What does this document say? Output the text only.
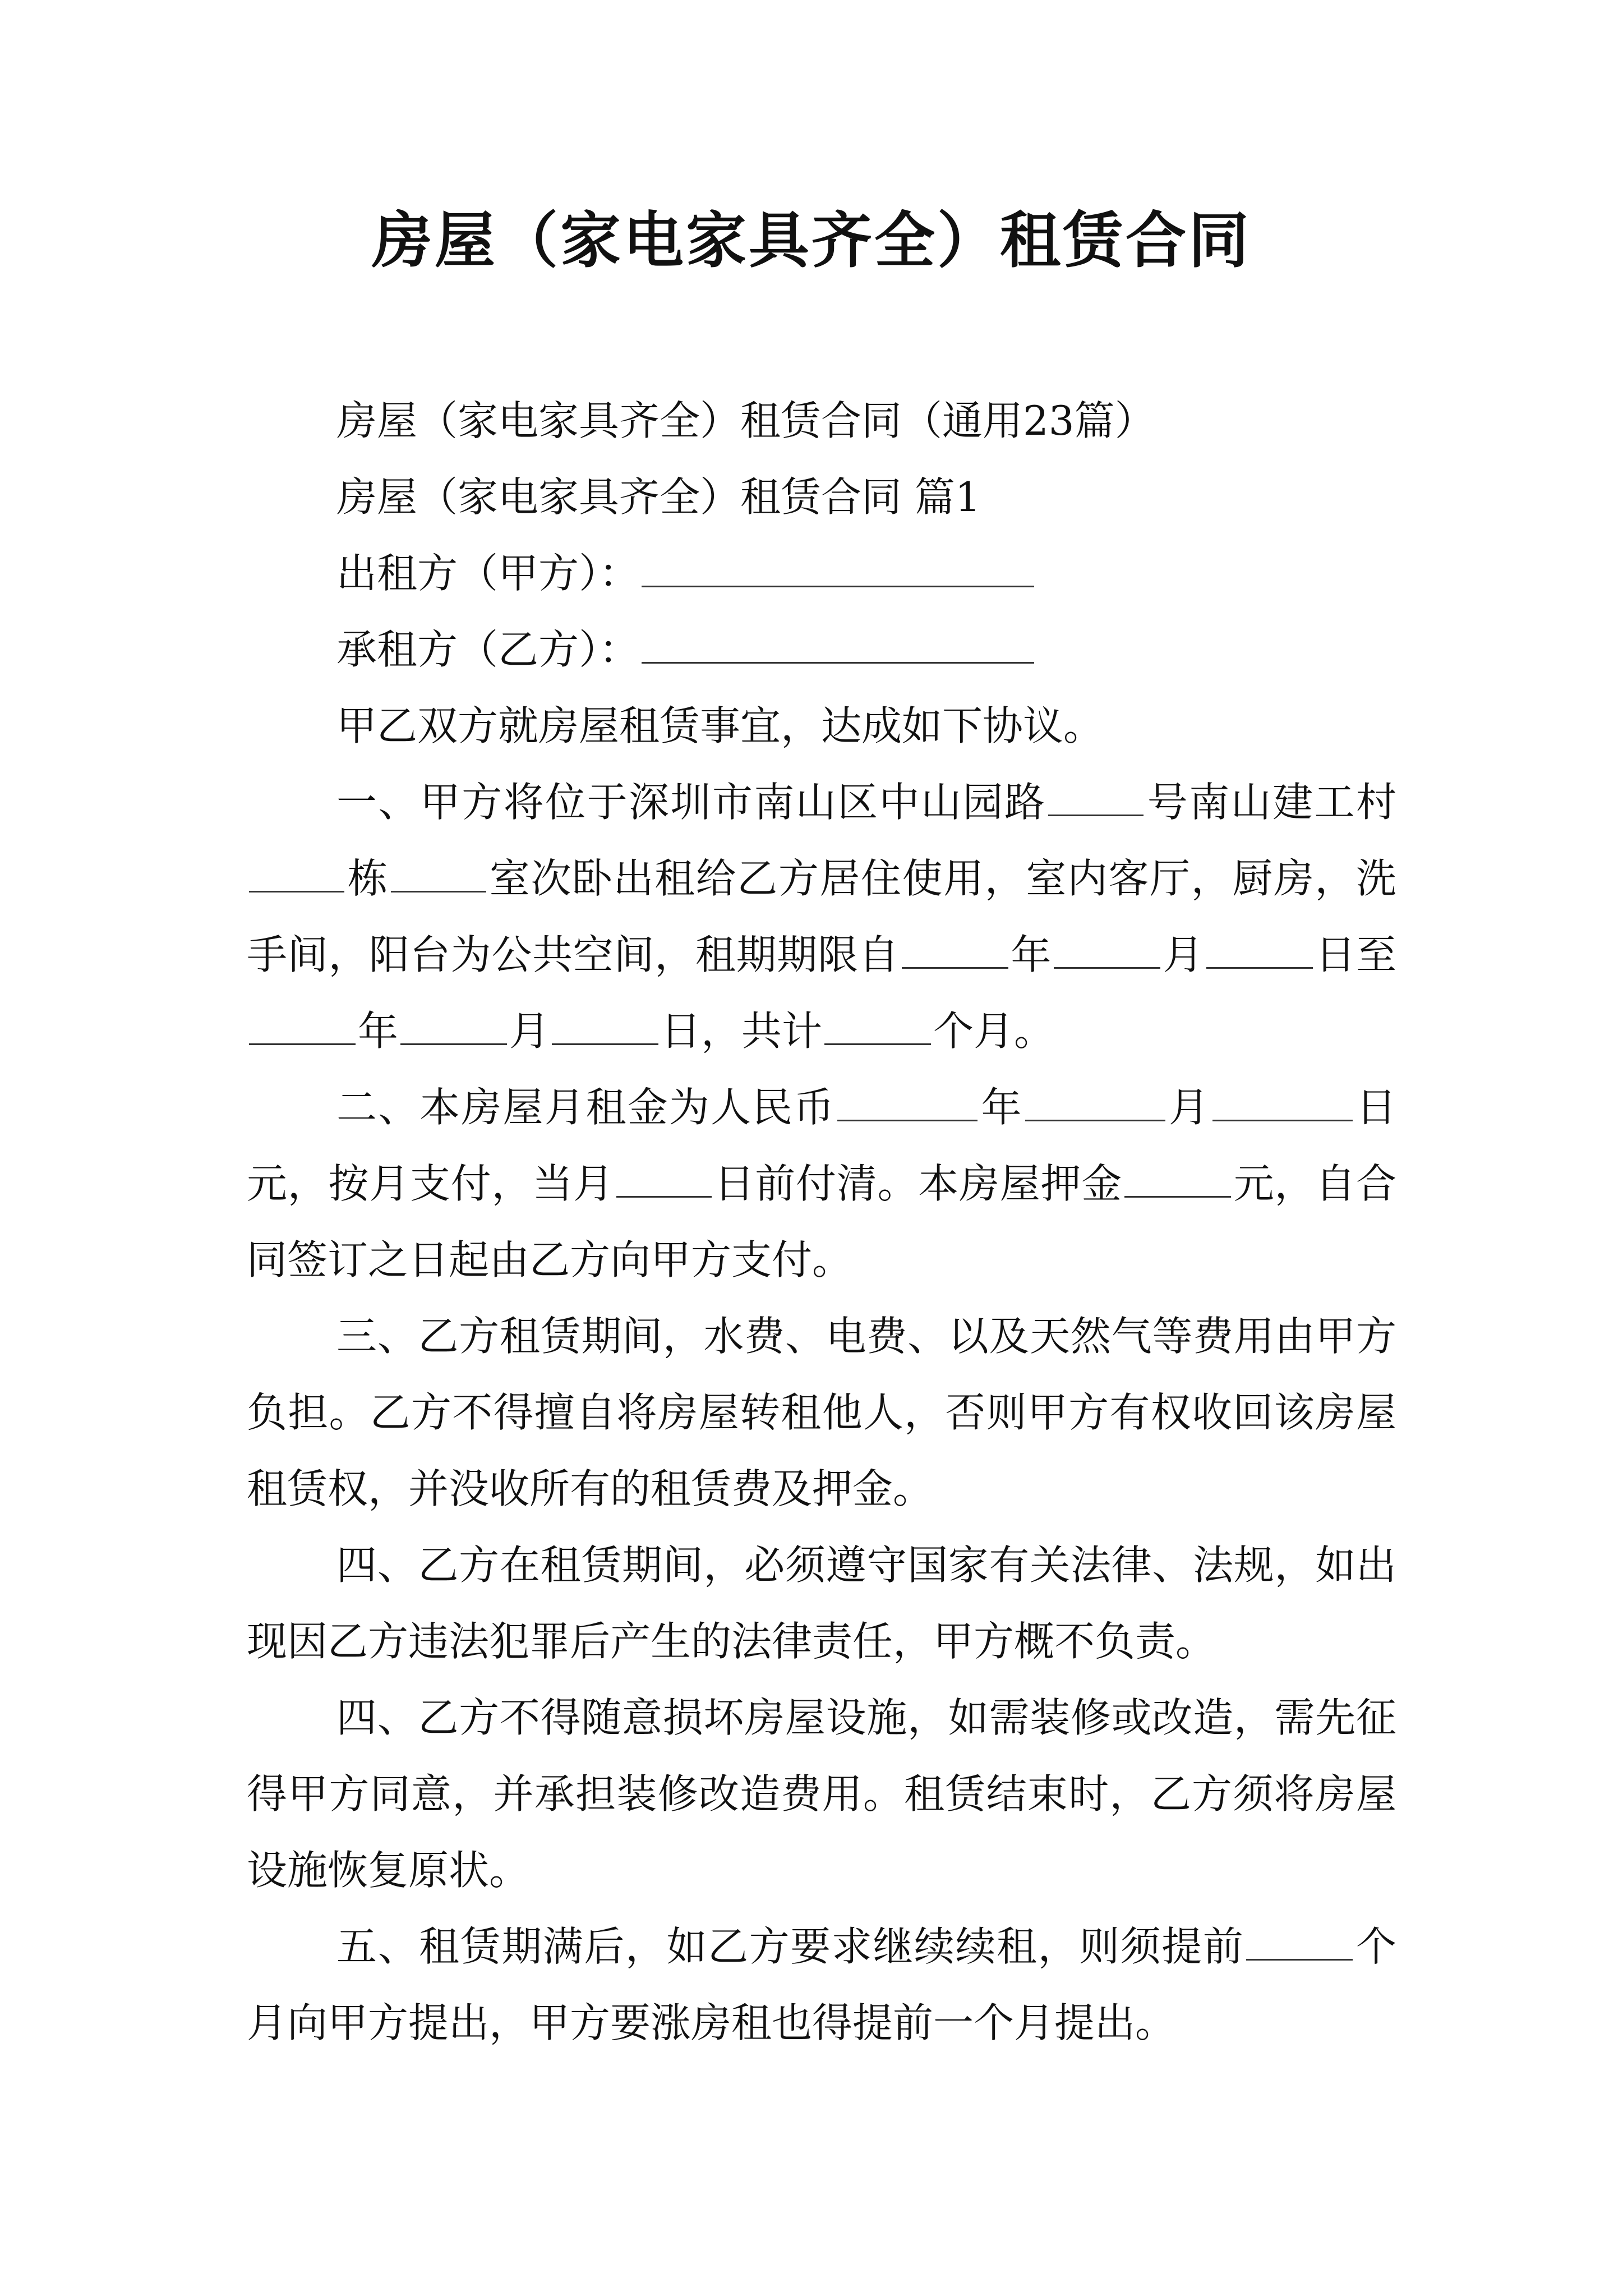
房屋（家电家具齐全）租赁合同

房屋（家电家具齐全）租赁合同（通用23篇）

房屋（家电家具齐全）租赁合同 篇1

出租方（甲方）：

承租方（乙方）：

甲乙双方就房屋租赁事宜，达成如下协议。

一、甲方将位于深圳市南山区中山园路 号南山建工村栋 室次卧出租给乙方居住使用，室内客厅，厨房，洗手间，阳台为公共空间，租期期限自	年	月	日至 年	月	日，共计	个月。

二、本房屋月租金为人民币	年	月	日元，按月支付，当月 日前付清。本房屋押金	元，自合同签订之日起由乙方向甲方支付。

三、乙方租赁期间，水费、电费、以及天然气等费用由甲方负担。乙方不得擅自将房屋转租他人，否则甲方有权收回该房屋租赁权，并没收所有的租赁费及押金。

四、乙方在租赁期间，必须遵守国家有关法律、法规，如出现因乙方违法犯罪后产生的法律责任，甲方概不负责。

四、乙方不得随意损坏房屋设施，如需装修或改造，需先征得甲方同意，并承担装修改造费用。租赁结束时，乙方须将房屋设施恢复原状。

五、租赁期满后，如乙方要求继续续租，则须提前	个月向甲方提出，甲方要涨房租也得提前一个月提出。
